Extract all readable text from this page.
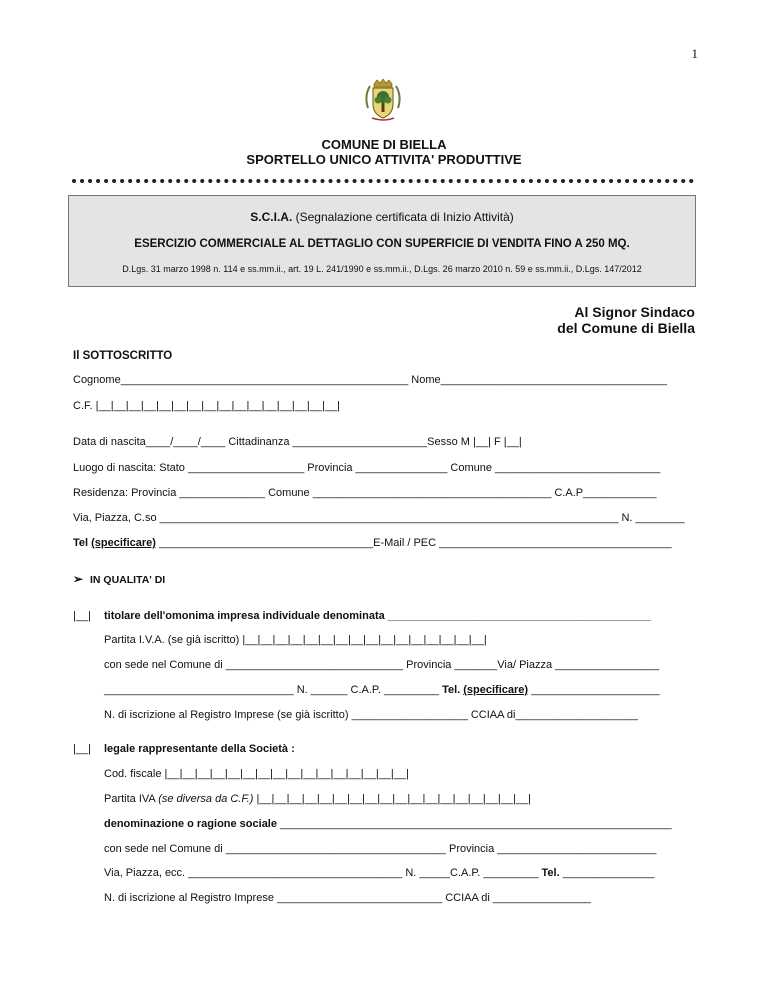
1
COMUNE DI BIELLA
SPORTELLO UNICO ATTIVITA' PRODUTTIVE
S.C.I.A. (Segnalazione certificata di Inizio Attività)
ESERCIZIO COMMERCIALE AL DETTAGLIO CON SUPERFICIE DI VENDITA FINO A 250 MQ.
D.Lgs. 31 marzo 1998 n. 114 e ss.mm.ii., art. 19 L. 241/1990 e ss.mm.ii., D.Lgs. 26 marzo 2010 n. 59 e ss.mm.ii., D.Lgs. 147/2012
Al Signor Sindaco
del Comune di Biella
Il SOTTOSCRITTO
Cognome_______________________________________________ Nome_____________________________________
C.F. |__|__|__|__|__|__|__|__|__|__|__|__|__|__|__|__|
Data di nascita____/____/____ Cittadinanza ______________________Sesso M |__| F |__|
Luogo di nascita: Stato ___________________ Provincia _______________ Comune ___________________________
Residenza: Provincia ______________ Comune _______________________________________ C.A.P____________
Via, Piazza, C.so ___________________________________________________________________________ N. ________
Tel (specificare) ___________________________________E-Mail / PEC ______________________________________
➢ IN QUALITA' DI
|__| titolare dell'omonima impresa individuale denominata ___________________________________________
Partita I.V.A. (se già iscritto) |__|__|__|__|__|__|__|__|__|__|__|__|__|__|__|__|
con sede nel Comune di _____________________________ Provincia _______Via/ Piazza _________________
_______________________________ N. ______ C.A.P. _________ Tel. (specificare) _____________________
N. di iscrizione al Registro Imprese (se già iscritto) ___________________ CCIAA di____________________
|__| legale rappresentante della Società :
Cod. fiscale |__|__|__|__|__|__|__|__|__|__|__|__|__|__|__|__|
Partita IVA (se diversa da C.F.) |__|__|__|__|__|__|__|__|__|__|__|__|__|__|__|__|__|__|
denominazione o ragione sociale ________________________________________________________________
con sede nel Comune di ____________________________________ Provincia __________________________
Via, Piazza, ecc. ___________________________________ N. _____C.A.P. _________ Tel. _______________
N. di iscrizione al Registro Imprese ___________________________ CCIAA di ________________
